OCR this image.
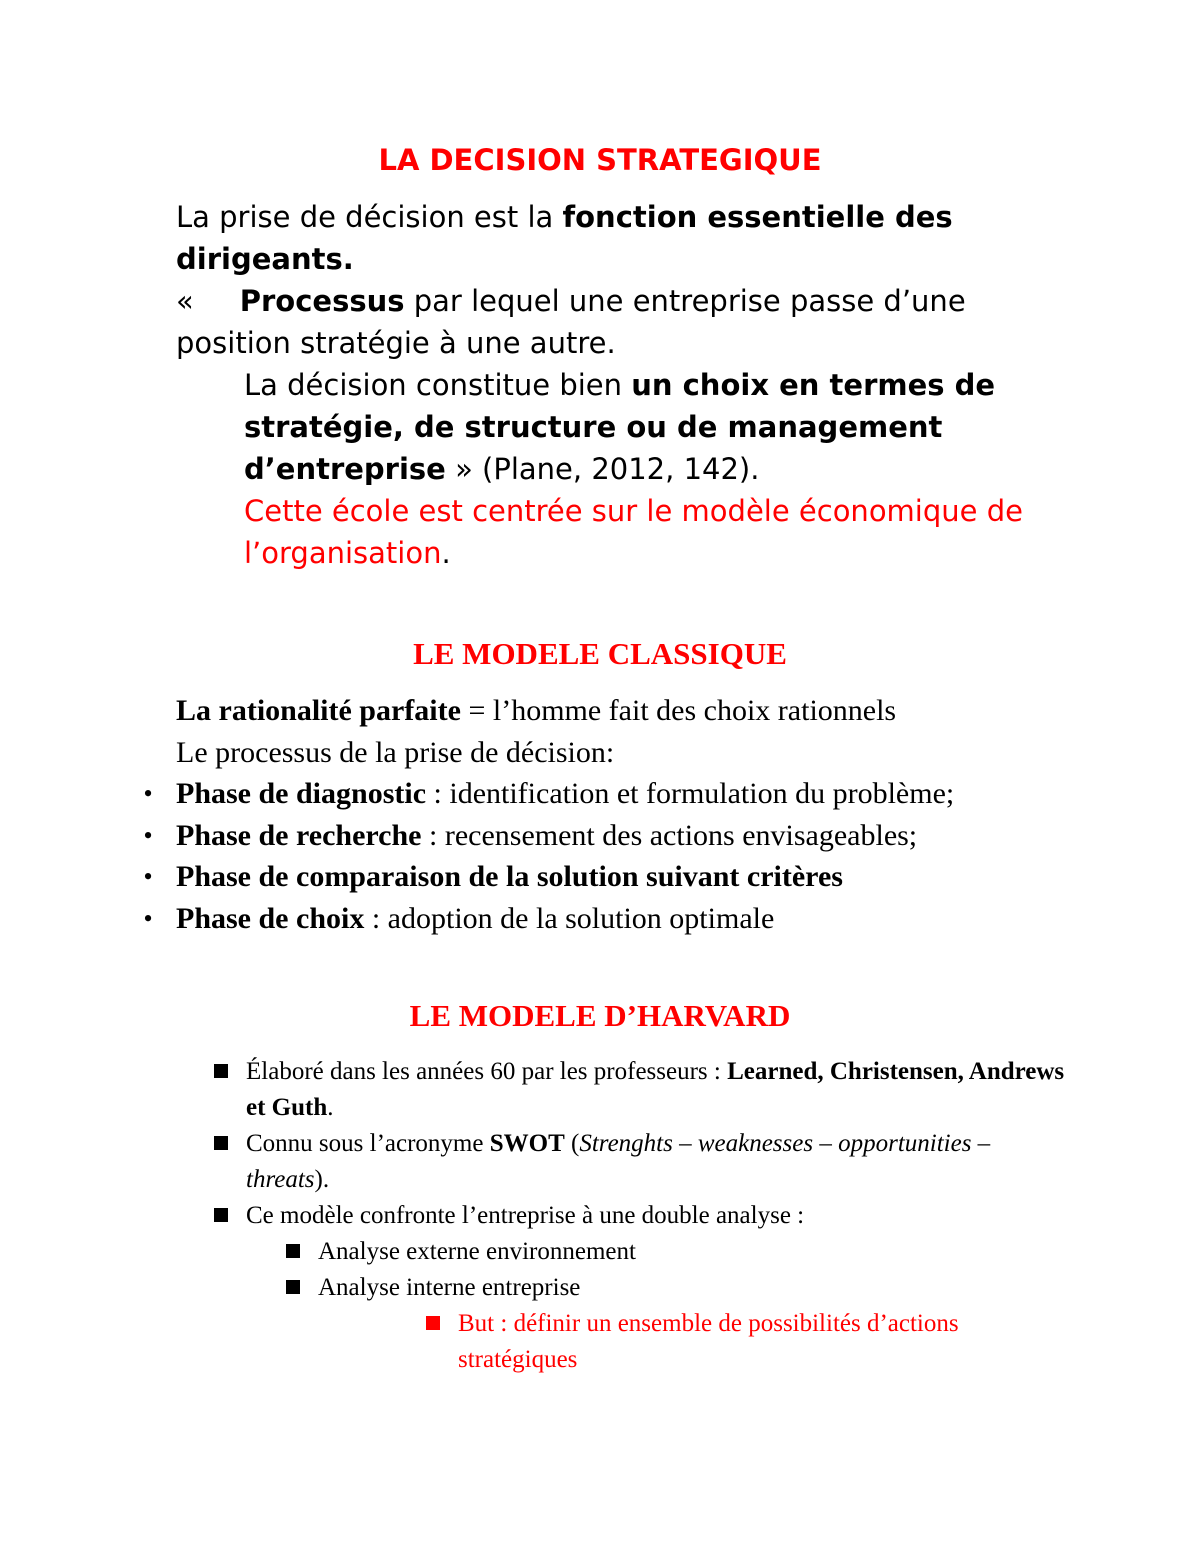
LA DECISION STRATEGIQUE

La prise de décision est la fonction essentielle des dirigeants.

« Processus par lequel une entreprise passe d’une position stratégie à une autre.

La décision constitue bien un choix en termes de stratégie, de structure ou de management d’entreprise » (Plane, 2012, 142).

Cette école est centrée sur le modèle économique de l’organisation.

LE MODELE CLASSIQUE

La rationalité parfaite = l’homme fait des choix rationnels

Le processus de la prise de décision:

• Phase de diagnostic : identification et formulation du problème;

• Phase de recherche : recensement des actions envisageables;

• Phase de comparaison de la solution suivant critères

• Phase de choix : adoption de la solution optimale

LE MODELE D’HARVARD

Élaboré dans les années 60 par les professeurs : Learned, Christensen, Andrews et Guth.

Connu sous l’acronyme SWOT (Strenghts – weaknesses – opportunities – threats).

Ce modèle confronte l’entreprise à une double analyse :

Analyse externe environnement

Analyse interne entreprise

But : définir un ensemble de possibilités d’actions stratégiques
